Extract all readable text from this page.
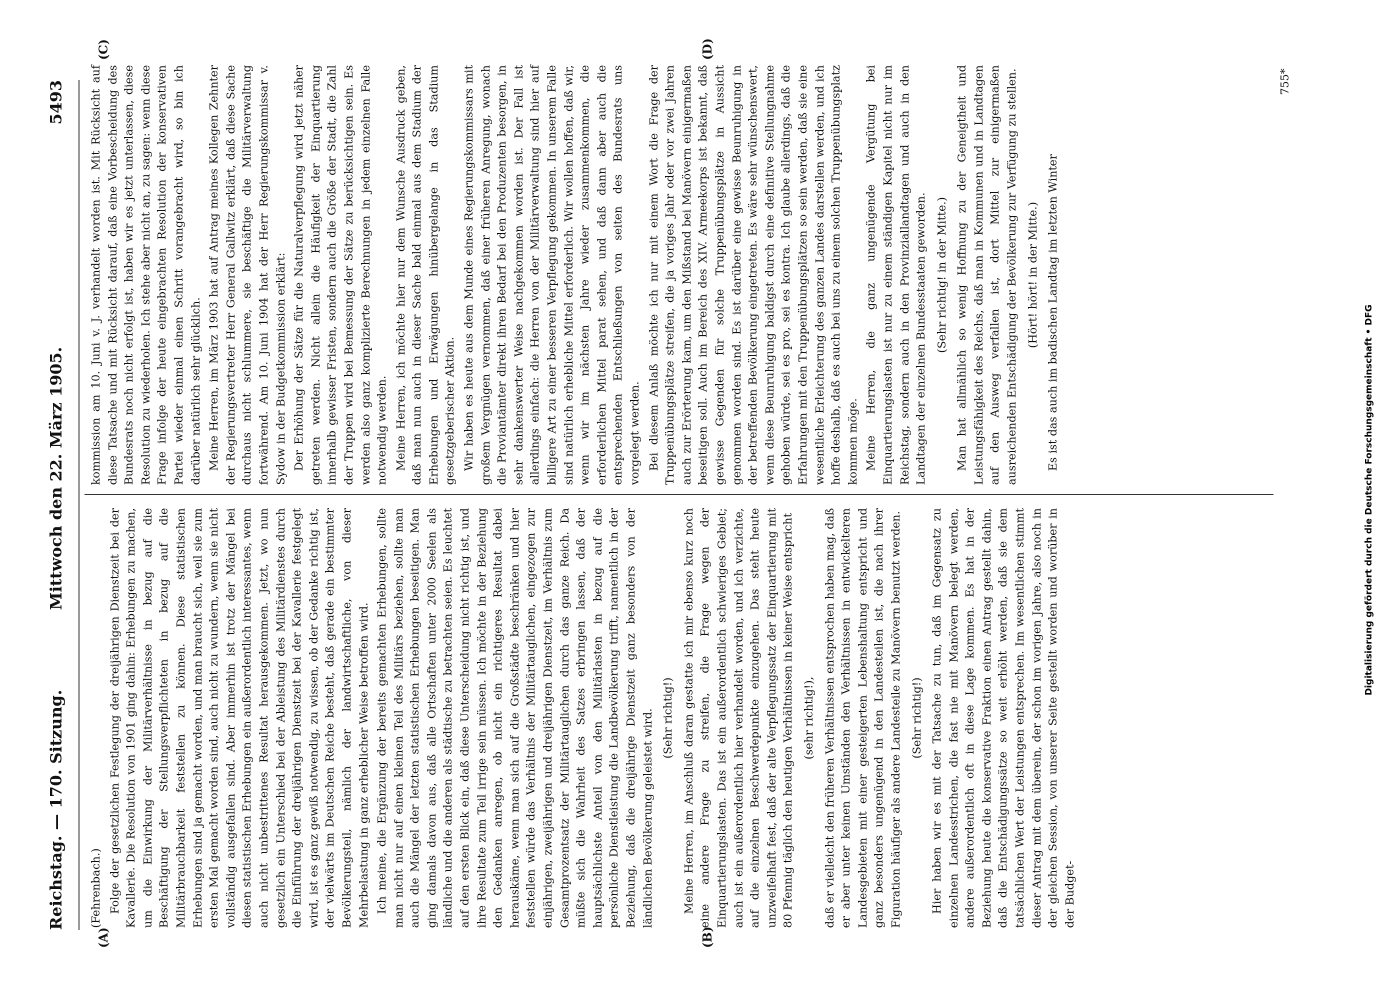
Reichstag. — 170. Sitzung.
Mittwoch den 22. März 1905.
5493
(A)	(B)
(C)	(D)

(Fehrenbach.) Folge der gesetzlichen Festlegung der dreijährigen Dienstzeit bei der Kavallerie. Die Resolution von 1901 ging dahin: Erhebungen zu machen, um die Einwirkung der Militärverhältnisse in bezug auf die Beschäftigung der Stellungsverpflichteten in bezug auf die Militärbrauchbarkeit feststellen zu können. Diese statistischen Erhebungen sind ja gemacht worden, und man braucht sich, weil sie zum ersten Mal gemacht worden sind, auch nicht zu wundern, wenn sie nicht vollständig ausgefallen sind. Aber immerhin ist trotz der Mängel bei diesen statistischen Erhebungen ein außerordentlich interessantes, wenn auch nicht unbestrittenes Resultat herausgekommen. Jetzt, wo nun gesetzlich ein Unterschied bei der Ableistung des Militärdienstes durch die Einführung der dreijährigen Dienstzeit bei der Kavallerie festgelegt wird, ist es ganz gewiß notwendig, zu wissen, ob der Gedanke richtig ist, der vielwärts im Deutschen Reiche besteht, daß gerade ein bestimmter Bevölkerungsteil, nämlich der landwirtschaftliche, von dieser Mehrbelastung in ganz erheblicher Weise betroffen wird. Ich meine, die Ergänzung der bereits gemachten Erhebungen, sollte man nicht nur auf einen kleinen Teil des Militärs beziehen, sollte man auch die Mängel der letzten statistischen Erhebungen beseitigen. Man ging damals davon aus, daß alle Ortschaften unter 2000 Seelen als ländliche und die anderen als städtische zu betrachten seien. Es leuchtet auf den ersten Blick ein, daß diese Unterscheidung nicht richtig ist, und ihre Resultate zum Teil irrige sein müssen. Ich möchte in der Beziehung den Gedanken anregen, ob nicht ein richtigeres Resultat dabei herauskäme, wenn man sich auf die Großstädte beschränken und hier feststellen würde das Verhältnis der Militärtauglichen, eingezogen zur einjährigen, zweijährigen und dreijährigen Dienstzeit, im Verhältnis zum Gesamtprozentsatz der Militärtauglichen durch das ganze Reich. Da müßte sich die Wahrheit des Satzes erbringen lassen, daß der hauptsächlichste Anteil von den Militärlasten in bezug auf die persönliche Dienstleistung die Landbevölkerung trifft, namentlich in der Beziehung, daß die dreijährige Dienstzeit ganz besonders von der ländlichen Bevölkerung geleistet wird. (Sehr richtig!) Meine Herren, im Anschluß daran gestatte ich mir ebenso kurz noch eine andere Frage zu streifen, die Frage wegen der Einquartierungslasten. Das ist ein außerordentlich schwieriges Gebiet; auch ist ein außerordentlich hier verhandelt worden, und ich verzichte, auf die einzelnen Beschwerdepunkte einzugehen. Das steht heute unzweifelhaft fest, daß der alte Verpflegungssatz der Einquartierung mit 80 Pfennig täglich den heutigen Verhältnissen in keiner Weise entspricht (sehr richtig!), daß er vielleicht den früheren Verhältnissen entsprochen haben mag, daß er aber unter keinen Umständen den Verhältnissen in entwickelteren Landesgebieten mit einer gesteigerten Lebenshaltung entspricht und ganz besonders ungenügend in den Landesteilen ist, die nach ihrer Figuration häufiger als andere Landesteile zu Manövern benutzt werden. (Sehr richtig!) Hier haben wir es mit der Tatsache zu tun, daß im Gegensatz zu einzelnen Landesstrichen, die fast nie mit Manövern belegt werden, andere außerordentlich oft in diese Lage kommen. Es hat in der Beziehung heute die konservative Fraktion einen Antrag gestellt dahin, daß die Entschädigungssätze so weit erhöht werden, daß sie dem tatsächlichen Wert der Leistungen entsprechen. Im wesentlichen stimmt dieser Antrag mit dem überein, der schon im vorigen Jahre, also noch in der gleichen Session, von unserer Seite gestellt worden und worüber in der Budget-

kommission am 10. Juni v. J. verhandelt worden ist. Mit Rücksicht auf diese Tatsache und mit Rücksicht darauf, daß eine Vorbescheidung des Bundesrats noch nicht erfolgt ist, haben wir es jetzt unterlassen, diese Resolution zu wiederholen. Ich stehe aber nicht an, zu sagen: wenn diese Frage infolge der heute eingebrachten Resolution der konservativen Partei wieder einmal einen Schritt vorangebracht wird, so bin ich darüber natürlich sehr glücklich. Meine Herren, im März 1903 hat auf Antrag meines Kollegen Zehnter der Regierungsvertreter Herr General Gallwitz erklärt, daß diese Sache durchaus nicht schlummere, sie beschäftige die Militärverwaltung fortwährend. Am 10. Juni 1904 hat der Herr Regierungskommissar v. Sydow in der Budgetkommission erklärt: Der Erhöhung der Sätze für die Naturalverpflegung wird jetzt näher getreten werden. Nicht allein die Häufigkeit der Einquartierung innerhalb gewisser Fristen, sondern auch die Größe der Stadt, die Zahl der Truppen wird bei Bemessung der Sätze zu berücksichtigen sein. Es werden also ganz komplizierte Berechnungen in jedem einzelnen Falle notwendig werden. Meine Herren, ich möchte hier nur dem Wunsche Ausdruck geben, daß man nun auch in dieser Sache bald einmal aus dem Stadium der Erhebungen und Erwägungen hinübergelange in das Stadium gesetzgeberischer Aktion. Wir haben es heute aus dem Munde eines Regierungskommissars mit großem Vergnügen vernommen, daß einer früheren Anregung, wonach die Proviantämter direkt ihren Bedarf bei den Produzenten besorgen, in sehr dankenswerter Weise nachgekommen worden ist. Der Fall ist allerdings einfach: die Herren von der Militärverwaltung sind hier auf billigere Art zu einer besseren Verpflegung gekommen. In unserem Falle sind natürlich erhebliche Mittel erforderlich. Wir wollen hoffen, daß wir, wenn wir im nächsten Jahre wieder zusammenkommen, die erforderlichen Mittel parat sehen, und daß dann aber auch die entsprechenden Entschließungen von seiten des Bundesrats uns vorgelegt werden. Bei diesem Anlaß möchte ich nur mit einem Wort die Frage der Truppenübungsplätze streifen, die ja voriges Jahr oder vor zwei Jahren auch zur Erörterung kam, um den Mißstand bei Manövern einigermaßen beseitigen soll. Auch im Bereich des XIV. Armeekorps ist bekannt, daß gewisse Gegenden für solche Truppenübungsplätze in Aussicht genommen worden sind. Es ist darüber eine gewisse Beunruhigung in der betreffenden Bevölkerung eingetreten. Es wäre sehr wünschenswert, wenn diese Beunruhigung baldigst durch eine definitive Stellungnahme gehoben würde, sei es pro, sei es kontra. Ich glaube allerdings, daß die Erfahrungen mit den Truppenübungsplätzen so sein werden, daß sie eine wesentliche Erleichterung des ganzen Landes darstellen werden, und ich hoffe deshalb, daß es auch bei uns zu einem solchen Truppenübungsplatz kommen möge. Meine Herren, die ganz ungenügende Vergütung bei Einquartierungslasten ist nur zu einem ständigen Kapitel nicht nur im Reichstag, sondern auch in den Provinziallandtagen und auch in den Landtagen der einzelnen Bundesstaaten geworden. (Sehr richtig! in der Mitte.) Man hat allmählich so wenig Hoffnung zu der Geneigtheit und Leistungsfähigkeit des Reichs, daß man in Kommunen und in Landtagen auf den Ausweg verfallen ist, dort Mittel zur einigermaßen ausreichenden Entschädigung der Bevölkerung zur Verfügung zu stellen. (Hört! hört! in der Mitte.) Es ist das auch im badischen Landtag im letzten Winter

755*
Digitalisierung gefördert durch die Deutsche Forschungsgemeinschaft • DFG
